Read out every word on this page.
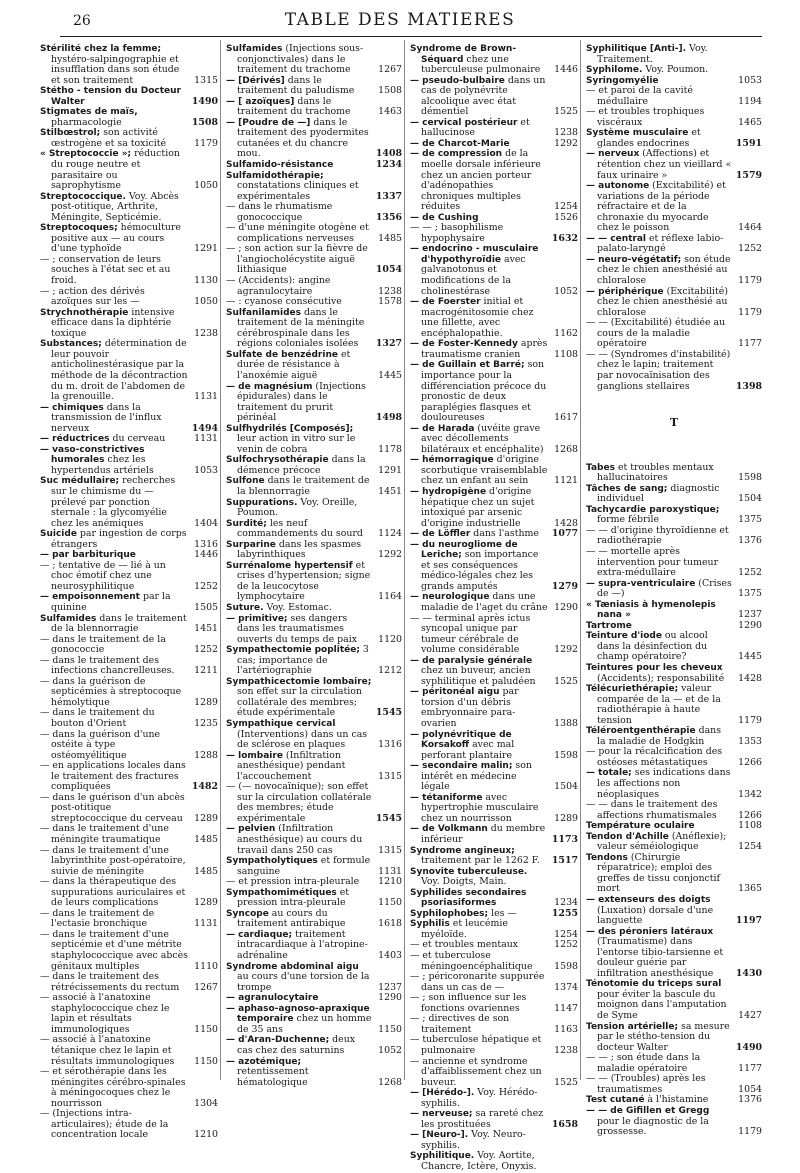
26	TABLE DES MATIERES
Stérilité chez la femme; hystéro-salpingographie et insufflation dans son étude et son traitement	1315
Stétho - tension du Docteur Walter	1490
Stigmates de maïs, pharmacologie	1508
Stilbœstrol; son activité œstrogène et sa toxicité	1179
« Streptococcie »; réduction du rouge neutre et parasitaire ou saprophytisme	1050
Streptococcique. Voy. Abcès post-otitique, Arthrite, Méningite, Septicémie.
Streptocoques; hémoculture positive aux — au cours d'une typhoïde	1291
— ; conservation de leurs souches à l'état sec et au froid.	1130
— ; action des dérivés azoïques sur les —	1050
Strychnothérapie intensive efficace dans la diphtérie toxique	1238
Substances; détermination de leur pouvoir anticholinestérasique par la méthode de la décontraction du m. droit de l'abdomen de la grenouille.	1131
— chimiques dans la transmission de l'influx nerveux	1494
— réductrices du cerveau	1131
— vaso-constrictives humorales chez les hypertendus artériels	1053
Suc médullaire; recherches sur le chimisme du — prélevé par ponction sternale : la glycomyélie chez les anémiques	1404
Suicide par ingestion de corps étrangers	1316
— par barbiturique	1446
— ; tentative de — lié à un choc émotif chez une neurosyphilitique	1252
— empoisonnement par la quinine	1505
Sulfamides dans le traitement de la blennorragie	1451
— dans le traitement de la gonococcie	1252
— dans le traitement des infections chancrelleuses.	1211
— dans la guérison de septicémies à streptocoque hémolytique	1289
— dans le traitement du bouton d'Orient	1235
— dans la guérison d'une ostéite à type ostéomyélitique	1288
— en applications locales dans le traitement des fractures compliquées	1482
— dans le guérison d'un abcès post-otitique streptococcique du cerveau	1289
— dans le traitement d'une méningite traumatique	1485
— dans le traitement d'une labyrinthite post-opératoire, suivie de méningite	1485
— dans la thérapeutique des suppurations auriculaires et de leurs complications	1289
— dans le traitement de l'ectasie bronchique	1131
— dans le traitement d'une septicémie et d'une métrite staphylococcique avec abcès génitaux multiples	1110
— dans le traitement des rétrécissements du rectum	1267
— associé à l'anatoxine staphylococcique chez le lapin et résultats immunologiques	1150
— associé à l'anatoxine tétanique chez le lapin et résultats immunologiques	1150
— et sérothérapie dans les méningites cérébro-spinales à méningocoques chez le nourrisson	1304
— (Injections intra-articulaires); étude de la concentration locale	1210
Sulfamides (Injections sous-conjonctivales) dans le traitement du trachome	1267
— [Dérivés] dans le traitement du paludisme	1508
— [ azoïques] dans le traitement du trachome	1463
— [Poudre de —] dans le traitement des pyodermites cutanées et du chancre mou.	1408
Sulfamido-résistance	1234
Sulfamidothérapie; constatations cliniques et expérimentales	1337
— dans le rhumatisme gonococcique	1356
— d'une méningite otogène et complications nerveuses	1485
— ; son action sur la fièvre de l'angiocholécystite aiguë lithiasique	1054
— (Accidents): angine agranulocytaire	1238
— : cyanose consécutive	1578
Sulfanilamides dans le traitement de la méningite cérébrospinale dans les régions coloniales isolées	1327
Sulfate de benzédrine et durée de résistance à l'anoxémie aiguë	1445
— de magnésium (Injections épidurales) dans le traitement du prurit périnéal	1498
Sulfhydrilés [Composés]; leur action in vitro sur le venin de cobra	1178
Sulfochrysothérapie dans la démence précoce	1291
Sulfone dans le traitement de la blennorragie	1451
Suppurations. Voy. Oreille, Poumon.
Surdité; les neuf commandements du sourd	1124
Surparine dans les spasmes labyrinthiques	1292
Surrénalome hypertensif et crises d'hypertension; signe de la leucocytose lymphocytaire	1164
Suture. Voy. Estomac.
— primitive; ses dangers dans les traumatismes ouverts du temps de paix	1120
Sympathectomie poplitée; 3 cas; importance de l'artériographie	1212
Sympathicectomie lombaire; son effet sur la circulation collatérale des membres; étude expérimentale	1545
Sympathique cervical (Interventions) dans un cas de sclérose en plaques	1316
— lombaire (Infiltration anesthésique) pendant l'accouchement	1315
— (— novocaïnique); son effet sur la circulation collatérale des membres; étude expérimentale	1545
— pelvien (Infiltration anesthésique) au cours du travail dans 250 cas	1315
Sympatholytiques et formule sanguine	1131
— et pression intra-pleurale	1210
Sympathomimétiques et pression intra-pleurale	1150
Syncope au cours du traitement antirabique	1618
— cardiaque; traitement intracardiaque à l'atropine-adrénaline	1403
Syndrome abdominal aigu au cours d'une torsion de la trompe	1237
— agranulocytaire	1290
— aphaso-agnoso-apraxique temporaire chez un homme de 35 ans	1150
— d'Aran-Duchenne; deux cas chez des saturnins	1052
— azotémique; retentissement hématologique	1268
Syndrome de Brown-Séquard chez une tuberculeuse pulmonaire	1446
— pseudo-bulbaire dans un cas de polynévrite alcoolique avec état démentiel	1525
— cervical postérieur et hallucinose	1238
— de Charcot-Marie	1292
— de compression de la moelle dorsale inférieure chez un ancien porteur d'adénopathies chroniques multiples réduites	1254
— de Cushing	1526
— — ; basophilisme hypophysaire	1632
— endocrino - musculaire d'hypothyroïdie avec galvanotonus et modifications de la cholinestérase	1052
— de Foerster initial et macrogénitosomie chez une fillette, avec encéphalopathie.	1162
— de Foster-Kennedy après traumatisme cranien	1108
— de Guillain et Barré; son importance pour la différenciation précoce du pronostic de deux paraplégies flasques et douloureuses	1617
— de Harada (uvéite grave avec décollements bilatéraux et encéphalite)	1268
— hémorragique d'origine scorbutique vraisemblable chez un enfant au sein	1121
— hydropigène d'origine hépatique chez un sujet intoxiqué par arsenic d'origine industrielle	1428
— de Löffler dans l'asthme	1077
— du neurogliome de Leriche; son importance et ses conséquences médico-légales chez les grands amputés	1279
— neurologique dans une maladie de l'aget du crâne 1290
— — terminal après ictus syncopal unique par tumeur cérébrale de volume considérable	1292
— de paralysie générale chez un buveur, ancien syphilitique et paludéen	1525
— péritonéal aigu par torsion d'un débris embryonnaire para-ovarien	1388
— polynévritique de Korsakoff avec mal perforant plantaire	1598
— secondaire malin; son intérêt en médecine légale	1504
— tétaniforme avec hypertrophie musculaire chez un nourrisson	1289
— de Volkmann du membre inférieur	1173
Syndrome angineux; traitement par le 1262 F.	1517
Synovite tuberculeuse. Voy. Doigts, Main.
Syphilides secondaires psoriasiformes	1234
Syphilophobes; les —	1255
Syphilis et leucémie myéloïde.	1254
— et troubles mentaux	1252
— et tuberculose méningoencéphalitique	1598
— ; péricoronarite suppurée dans un cas de —	1374
— ; son influence sur les fonctions ovariennes	1147
— ; directives de son traitement	1163
— tuberculose hépatique et pulmonaire	1238
— ancienne et syndrome d'affaiblissement chez un buveur.	1525
— [Hérédo-]. Voy. Hérédo-syphilis.
— nerveuse; sa rareté chez les prostituées	1658
— [Neuro-]. Voy. Neuro-syphilis.
Syphilitique. Voy. Aortite, Chancre, Ictère, Onyxis.
Syphilitique [Anti-]. Voy. Traitement.
Syphilome. Voy. Poumon.
Syringomyélie	1053
— et paroi de la cavité médullaire	1194
— et troubles trophiques viscéraux	1465
Système musculaire et glandes endocrines	1591
— nerveux (Affections) et rétention chez un vieillard « faux urinaire »	1579
— autonome (Excitabilité) et variations de la période réfractaire et de la chronaxie du myocarde chez le poisson	1464
— — central et réflexe labio-palato-laryngé	1252
— neuro-végétatif; son étude chez le chien anesthésié au chloralose	1179
— périphérique (Excitabilité) chez le chien anesthésié au chloralose	1179
— — (Excitabilité) étudiée au cours de la maladie opératoire	1177
— — (Syndromes d'instabilité) chez le lapin; traitement par novocaïnisation des ganglions stellaires	1398
T
Tabes et troubles mentaux hallucinatoires	1598
Tâches de sang; diagnostic individuel	1504
Tachycardie paroxystique; forme fébrile	1375
— — d'origine thyroïdienne et radiothérapie	1376
— — mortelle après intervention pour tumeur extra-médullaire	1252
— supra-ventriculaire (Crises de —)	1375
« Tæniasis à hymenolepis nana »	1237
Tartrome	1290
Teinture d'iode ou alcool dans la désinfection du champ opératoire?	1445
Teintures pour les cheveux (Accidents); responsabilité	1428
Télécuriethérapie; valeur comparée de la — et de la radiothérapie à haute tension	1179
Téléroentgenthérapie dans la maladie de Hodgkin	1353
— pour la récalcification des ostéoses métastatiques	1266
— totale; ses indications dans les affections non néoplasiques	1342
— — dans le traitement des affections rhumatismales	1266
Température oculaire	1108
Tendon d'Achille (Anéflexie); valeur séméiologique	1254
Tendons (Chirurgie réparatrice); emploi des greffes de tissu conjonctif mort	1365
— extenseurs des doigts (Luxation) dorsale d'une languette	1197
— des péroniers latéraux (Traumatisme) dans l'entorse tibio-tarsienne et douleur guérie par infiltration anesthésique	1430
Ténotomie du triceps sural pour éviter la bascule du moignon dans l'amputation de Syme	1427
Tension artérielle; sa mesure par le stétho-tension du docteur Walter	1490
— — ; son étude dans la maladie opératoire	1177
— — (Troubles) après les traumatismes	1054
Test cutané à l'histamine	1376
— — de Gifillen et Gregg pour le diagnostic de la grossesse.	1179
